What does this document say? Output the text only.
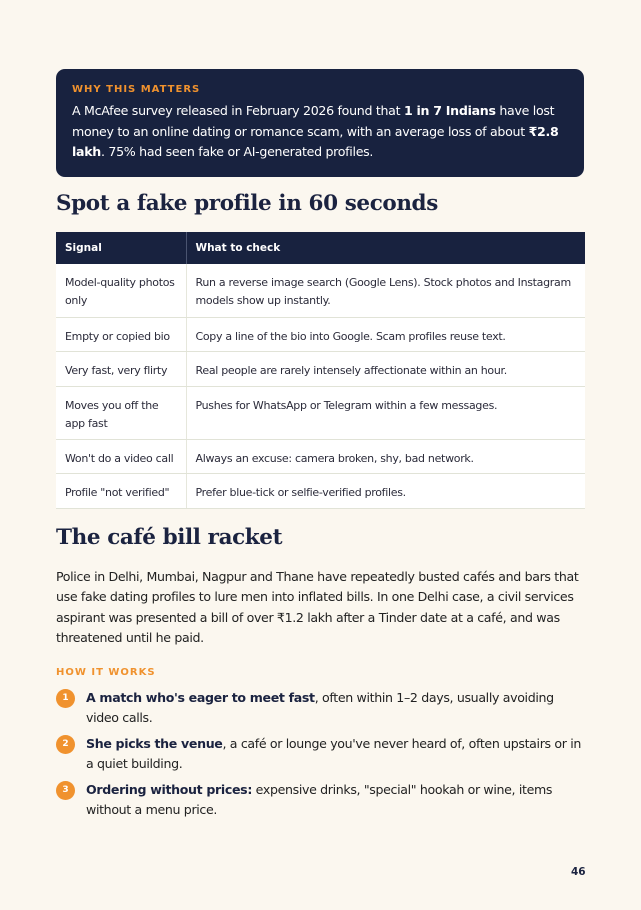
WHY THIS MATTERS
A McAfee survey released in February 2026 found that 1 in 7 Indians have lost money to an online dating or romance scam, with an average loss of about ₹2.8 lakh. 75% had seen fake or AI-generated profiles.
Spot a fake profile in 60 seconds
Signal	What to check
Model-quality photos only	Run a reverse image search (Google Lens). Stock photos and Instagram models show up instantly.
Empty or copied bio	Copy a line of the bio into Google. Scam profiles reuse text.
Very fast, very flirty	Real people are rarely intensely affectionate within an hour.
Moves you off the app fast	Pushes for WhatsApp or Telegram within a few messages.
Won't do a video call	Always an excuse: camera broken, shy, bad network.
Profile "not verified"	Prefer blue-tick or selfie-verified profiles.
The café bill racket
Police in Delhi, Mumbai, Nagpur and Thane have repeatedly busted cafés and bars that use fake dating profiles to lure men into inflated bills. In one Delhi case, a civil services aspirant was presented a bill of over ₹1.2 lakh after a Tinder date at a café, and was threatened until he paid.
HOW IT WORKS
1	A match who's eager to meet fast, often within 1–2 days, usually avoiding video calls.
2	She picks the venue, a café or lounge you've never heard of, often upstairs or in a quiet building.
3	Ordering without prices: expensive drinks, "special" hookah or wine, items without a menu price.
46
